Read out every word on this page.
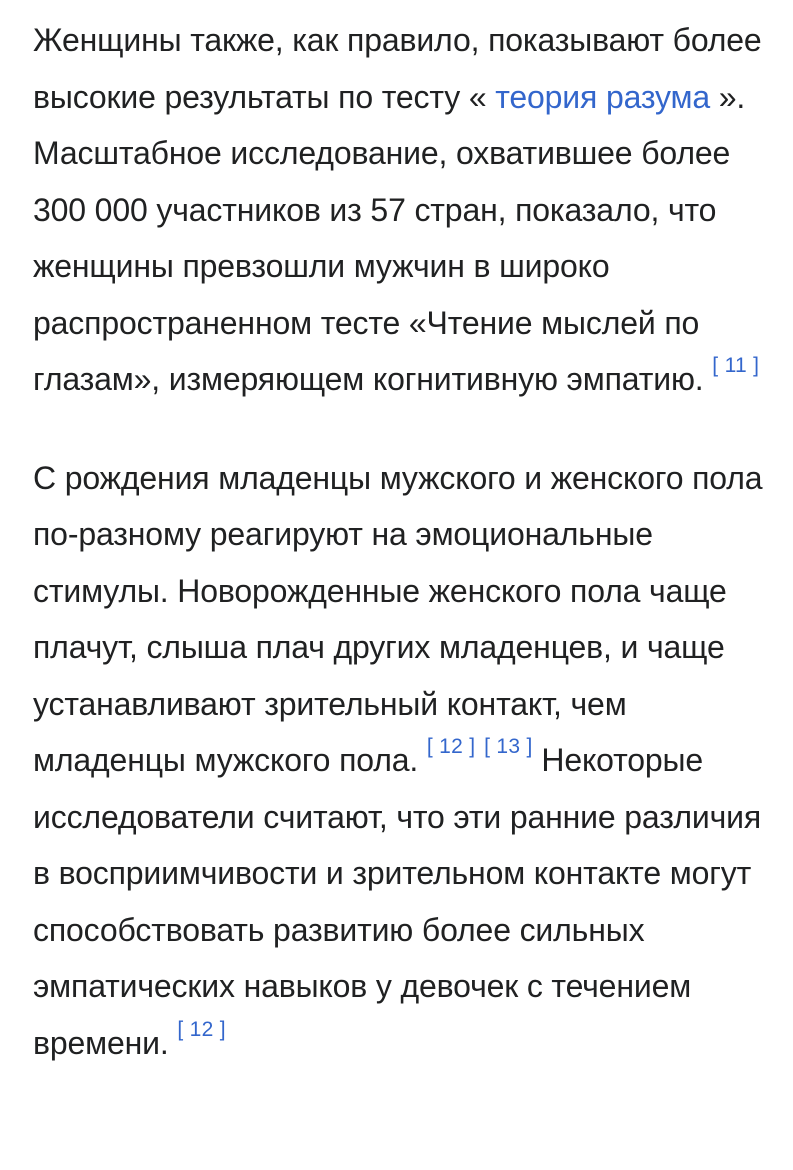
Женщины также, как правило, показывают более высокие результаты по тесту « теория разума ». Масштабное исследование, охватившее более 300 000 участников из 57 стран, показало, что женщины превзошли мужчин в широко распространенном тесте «Чтение мыслей по глазам», измеряющем когнитивную эмпатию. [ 11 ]

С рождения младенцы мужского и женского пола по-разному реагируют на эмоциональные стимулы. Новорожденные женского пола чаще плачут, слыша плач других младенцев, и чаще устанавливают зрительный контакт, чем младенцы мужского пола. [ 12 ] [ 13 ] Некоторые исследователи считают, что эти ранние различия в восприимчивости и зрительном контакте могут способствовать развитию более сильных эмпатических навыков у девочек с течением времени. [ 12 ]
